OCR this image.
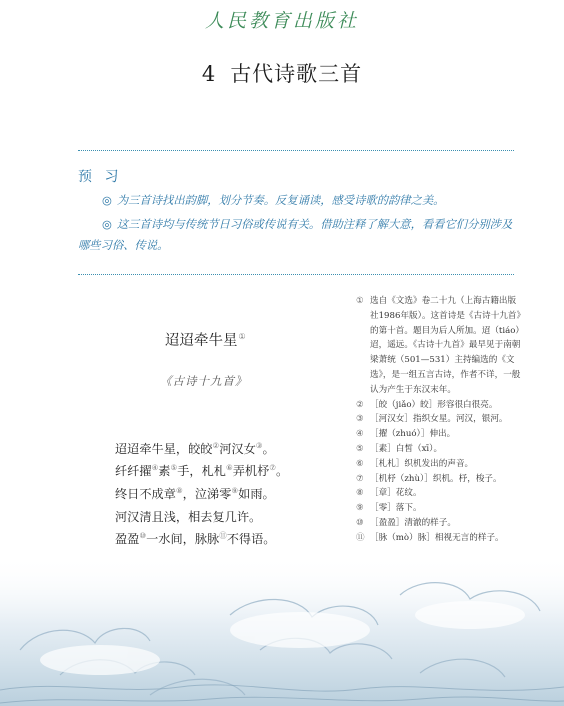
人民教育出版社
4 古代诗歌三首
预 习
◎ 为三首诗找出韵脚，划分节奏。反复诵读，感受诗歌的韵律之美。
◎ 这三首诗均与传统节日习俗或传说有关。借助注释了解大意，看看它们分别涉及哪些习俗、传说。
迢迢牵牛星①
《古诗十九首》
迢迢牵牛星，皎皎②河汉女③。
纤纤擢④素⑤手，札札⑥弄机杼⑦。
终日不成章⑧，泣涕零⑨如雨。
河汉清且浅，相去复几许。
盈盈⑩一水间，脉脉⑪不得语。
① 选自《文选》卷二十九（上海古籍出版社1986年版）。这首诗是《古诗十九首》的第十首。题目为后人所加。迢（tiáo）迢，遥远。《古诗十九首》最早见于南朝梁萧统（501—531）主持编选的《文选》，是一组五言古诗，作者不详，一般认为产生于东汉末年。
② ［皎（jiǎo）皎］形容很白很亮。
③ ［河汉女］指织女星。河汉，银河。
④ ［擢（zhuó）］伸出。
⑤ ［素］白皙（xī）。
⑥ ［札札］织机发出的声音。
⑦ ［机杼（zhù）］织机。杼，梭子。
⑧ ［章］花纹。
⑨ ［零］落下。
⑩ ［盈盈］清澈的样子。
⑪ ［脉（mò）脉］相视无言的样子。
